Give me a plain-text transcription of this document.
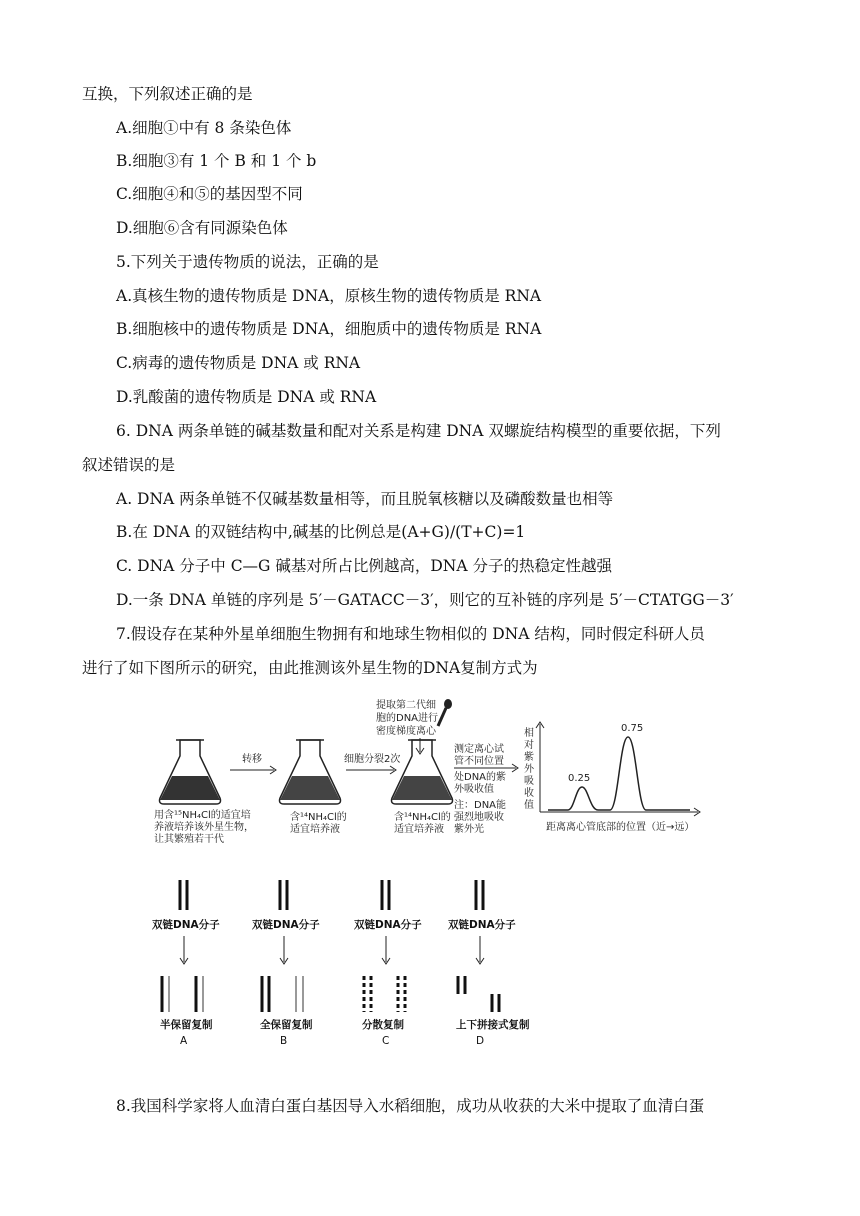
互换，下列叙述正确的是
A.细胞①中有 8 条染色体
B.细胞③有 1 个 B 和 1 个 b
C.细胞④和⑤的基因型不同
D.细胞⑥含有同源染色体
5.下列关于遗传物质的说法，正确的是
A.真核生物的遗传物质是 DNA，原核生物的遗传物质是 RNA
B.细胞核中的遗传物质是 DNA，细胞质中的遗传物质是 RNA
C.病毒的遗传物质是 DNA 或 RNA
D.乳酸菌的遗传物质是 DNA 或 RNA
6. DNA 两条单链的碱基数量和配对关系是构建 DNA 双螺旋结构模型的重要依据，下列
叙述错误的是
A. DNA 两条单链不仅碱基数量相等，而且脱氧核糖以及磷酸数量也相等
B.在 DNA 的双链结构中,碱基的比例总是(A+G)/(T+C)=1
C. DNA 分子中 C—G 碱基对所占比例越高，DNA 分子的热稳定性越强
D.一条 DNA 单链的序列是 5′－GATACC－3′，则它的互补链的序列是 5′－CTATGG－3′
7.假设存在某种外星单细胞生物拥有和地球生物相似的 DNA 结构，同时假定科研人员
进行了如下图所示的研究，由此推测该外星生物的DNA复制方式为
提取第二代细
胞的DNA进行
密度梯度离心
用含¹⁵NH₄Cl的适宜培
养液培养该外星生物，
让其繁殖若干代
转移
含¹⁴NH₄Cl的
适宜培养液
细胞分裂2次
含¹⁴NH₄Cl的
适宜培养液
测定离心试
管不同位置
处DNA的紫
外吸收值
注：DNA能
强烈地吸收
紫外光
相
对
紫
外
吸
收
值
0.25
0.75
距离离心管底部的位置（近→远）
双链DNA分子
半保留复制
A
双链DNA分子
全保留复制
B
双链DNA分子
分散复制
C
双链DNA分子
上下拼接式复制
D
8.我国科学家将人血清白蛋白基因导入水稻细胞，成功从收获的大米中提取了血清白蛋
